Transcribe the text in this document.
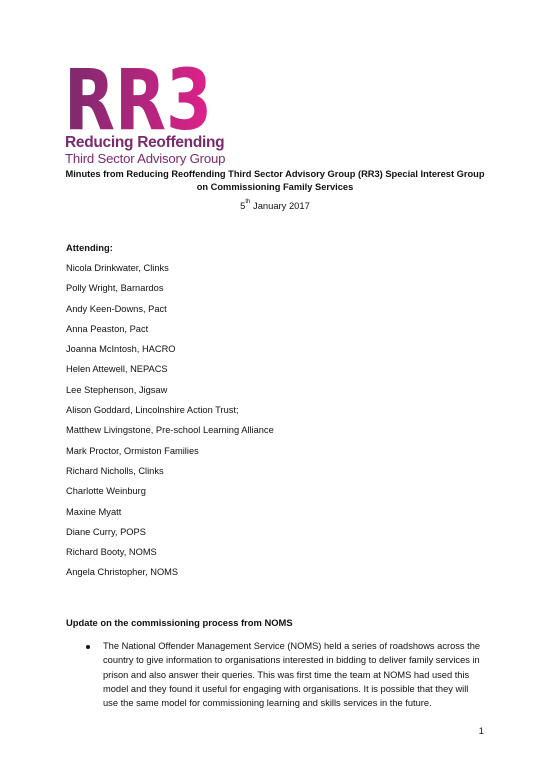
RR3
Reducing Reoffending
Third Sector Advisory Group
Minutes from Reducing Reoffending Third Sector Advisory Group (RR3) Special Interest Group on Commissioning Family Services
5th January 2017
Attending:
Nicola Drinkwater, Clinks
Polly Wright, Barnardos
Andy Keen-Downs, Pact
Anna Peaston, Pact
Joanna McIntosh, HACRO
Helen Attewell, NEPACS
Lee Stephenson, Jigsaw
Alison Goddard, Lincolnshire Action Trust;
Matthew Livingstone, Pre-school Learning Alliance
Mark Proctor, Ormiston Families
Richard Nicholls, Clinks
Charlotte Weinburg
Maxine Myatt
Diane Curry, POPS
Richard Booty, NOMS
Angela Christopher, NOMS
Update on the commissioning process from NOMS
The National Offender Management Service (NOMS) held a series of roadshows across the country to give information to organisations interested in bidding to deliver family services in prison and also answer their queries. This was first time the team at NOMS had used this model and they found it useful for engaging with organisations. It is possible that they will use the same model for commissioning learning and skills services in the future.
1
